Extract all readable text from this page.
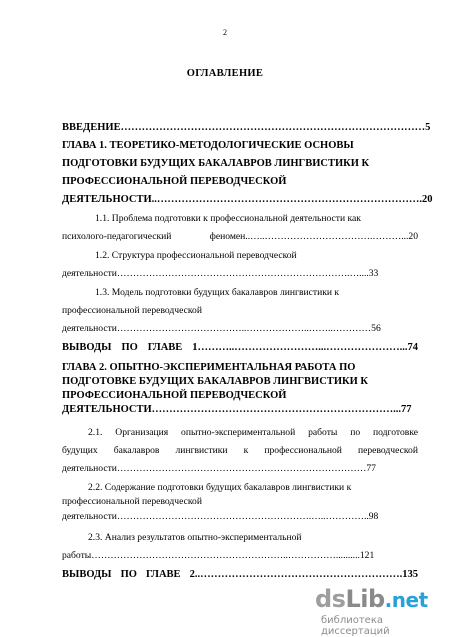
2
ОГЛАВЛЕНИЕ
ВВЕДЕНИЕ……………………………………………………………………………5
ГЛАВА 1. ТЕОРЕТИКО-МЕТОДОЛОГИЧЕСКИЕ ОСНОВЫ
ПОДГОТОВКИ БУДУЩИХ БАКАЛАВРОВ ЛИНГВИСТИКИ К
ПРОФЕССИОНАЛЬНОЙ ПЕРЕВОДЧЕСКОЙ
ДЕЯТЕЛЬНОСТИ..………………………………………………………………….20
1.1. Проблема подготовки к профессиональной деятельности как
психолого-педагогический феномен..…..…………………………….………...20
1.2. Структура профессиональной переводческой
деятельности……………………………………………………………….…....33
1.3. Модель подготовки будущих бакалавров лингвистики к
профессиональной переводческой
деятельности…………………………………..………………..……..…………56
ВЫВОДЫ ПО ГЛАВЕ 1………..……………………...…………………...74
ГЛАВА 2. ОПЫТНО-ЭКСПЕРИМЕНТАЛЬНАЯ РАБОТА ПО
ПОДГОТОВКЕ БУДУЩИХ БАКАЛАВРОВ ЛИНГВИСТИКИ К
ПРОФЕССИОНАЛЬНОЙ ПЕРЕВОДЧЕСКОЙ
ДЕЯТЕЛЬНОСТИ……………………………………………………………...77
2.1. Организация опытно-экспериментальной работы по подготовке
будущих бакалавров лингвистики к профессиональной переводческой
деятельности……………………………………………………………………77
2.2. Содержание подготовки будущих бакалавров лингвистики к
профессиональной переводческой
деятельности…………………………………………………….…..…………..98
2.3. Анализ результатов опытно-экспериментальной
работы……………………………………………………..……………..........121
ВЫВОДЫ ПО ГЛАВЕ 2..………………………………………………….135
dsLib.net
библиотека диссертаций
